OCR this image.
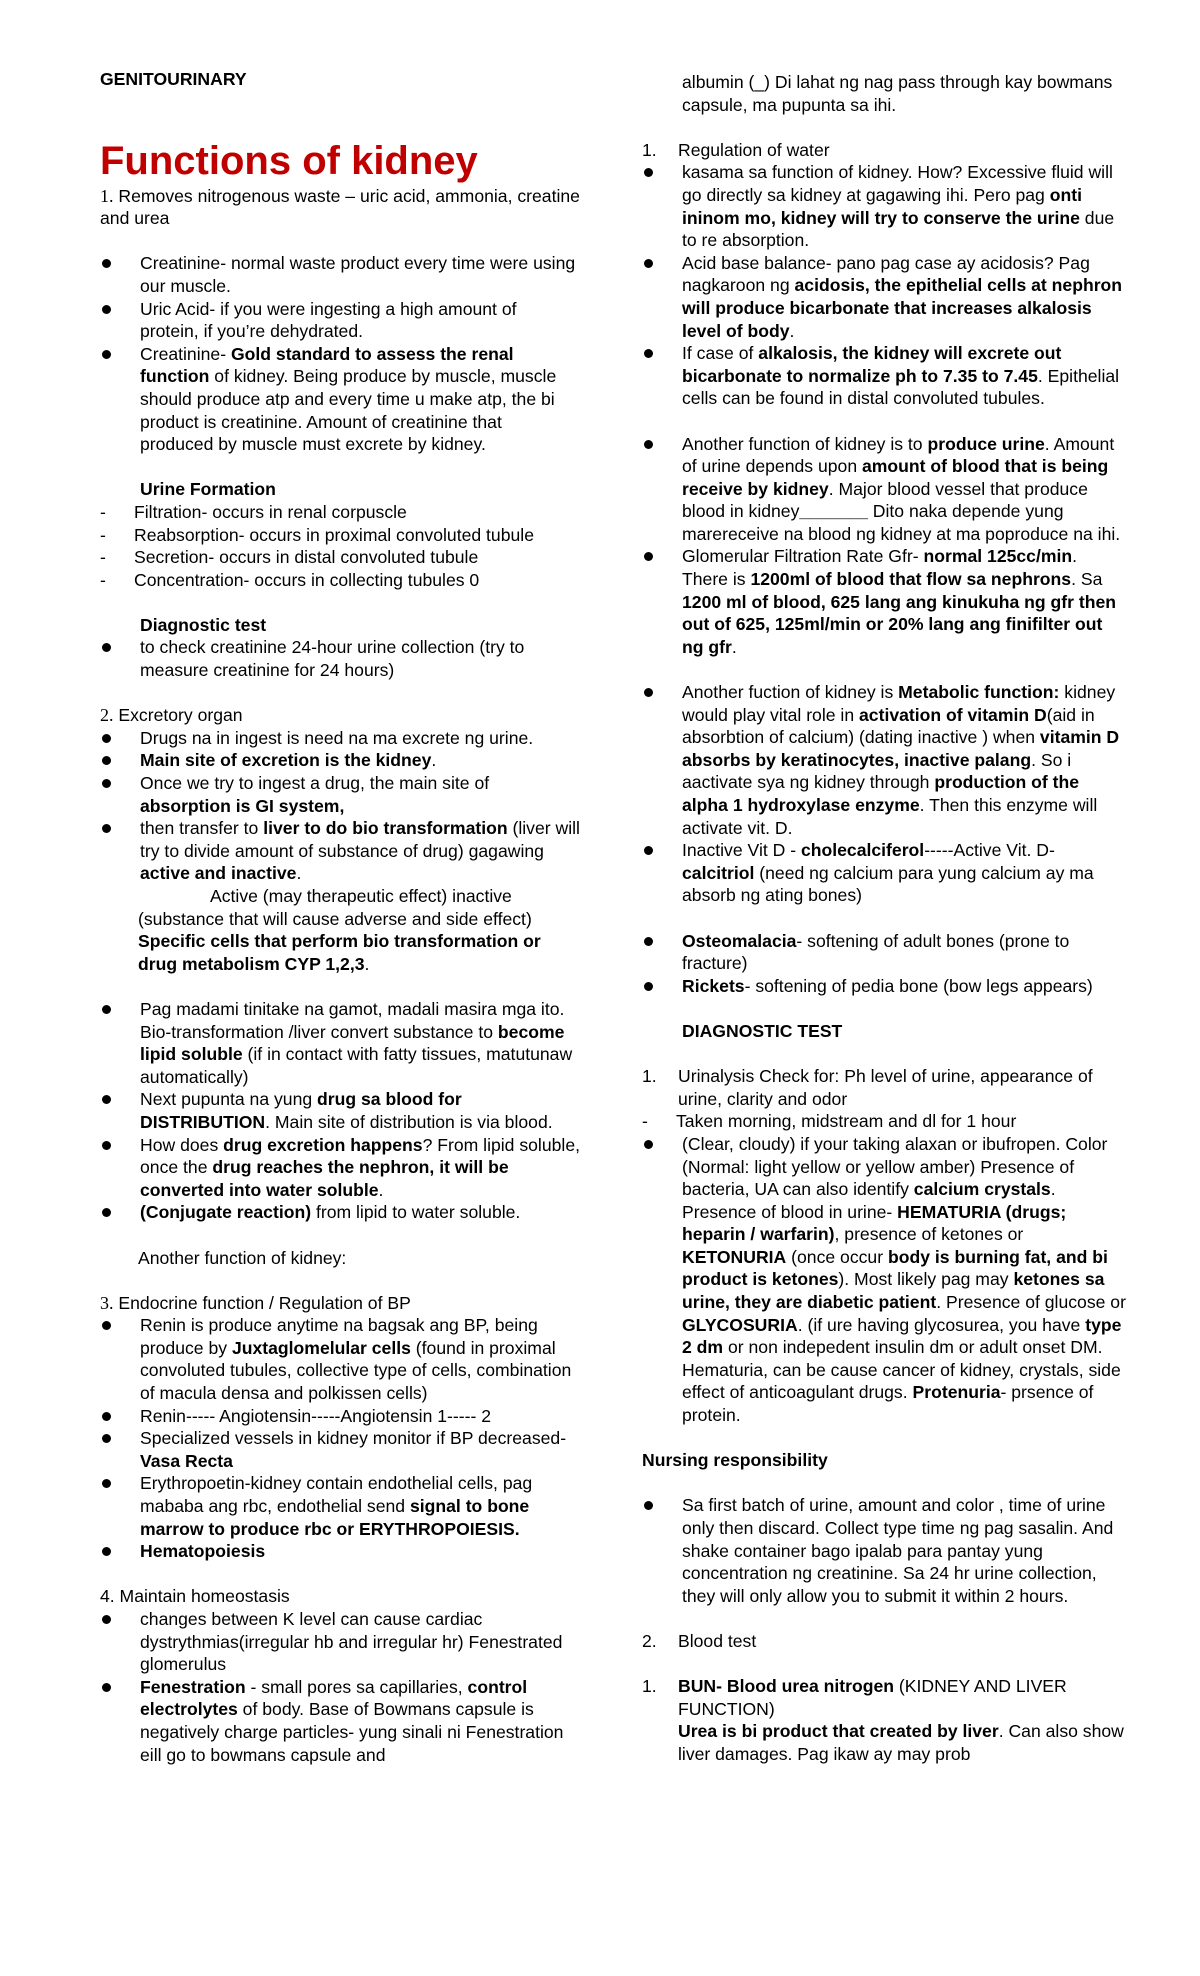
GENITOURINARY

Functions of kidney

1. Removes nitrogenous waste – uric acid, ammonia, creatine and urea

Creatinine- normal waste product every time were using our muscle.

Uric Acid- if you were ingesting a high amount of protein, if you’re dehydrated.

Creatinine- Gold standard to assess the renal function of kidney. Being produce by muscle, muscle should produce atp and every time u make atp, the bi product is creatinine. Amount of creatinine that produced by muscle must excrete by kidney.

Urine Formation

- Filtration- occurs in renal corpuscle

- Reabsorption- occurs in proximal convoluted tubule

- Secretion- occurs in distal convoluted tubule

- Concentration- occurs in collecting tubules 0

Diagnostic test

to check creatinine 24-hour urine collection (try to measure creatinine for 24 hours)

2. Excretory organ

Drugs na in ingest is need na ma excrete ng urine.

Main site of excretion is the kidney.

Once we try to ingest a drug, the main site of absorption is GI system,

then transfer to liver to do bio transformation (liver will try to divide amount of substance of drug) gagawing active and inactive.

Active (may therapeutic effect) inactive (substance that will cause adverse and side effect)

Specific cells that perform bio transformation or drug metabolism CYP 1,2,3.

Pag madami tinitake na gamot, madali masira mga ito. Bio-transformation /liver convert substance to become lipid soluble (if in contact with fatty tissues, matutunaw automatically)

Next pupunta na yung drug sa blood for DISTRIBUTION. Main site of distribution is via blood.

How does drug excretion happens? From lipid soluble, once the drug reaches the nephron, it will be converted into water soluble.

(Conjugate reaction) from lipid to water soluble.

Another function of kidney:

3. Endocrine function / Regulation of BP

Renin is produce anytime na bagsak ang BP, being produce by Juxtaglomelular cells (found in proximal convoluted tubules, collective type of cells, combination of macula densa and polkissen cells)

Renin----- Angiotensin-----Angiotensin 1----- 2

Specialized vessels in kidney monitor if BP decreased- Vasa Recta

Erythropoetin-kidney contain endothelial cells, pag mababa ang rbc, endothelial send signal to bone marrow to produce rbc or ERYTHROPOIESIS.

Hematopoiesis

4. Maintain homeostasis

changes between K level can cause cardiac dystrythmias(irregular hb and irregular hr) Fenestrated glomerulus

Fenestration - small pores sa capillaries, control electrolytes of body. Base of Bowmans capsule is negatively charge particles- yung sinali ni Fenestration eill go to bowmans capsule and

albumin (_) Di lahat ng nag pass through kay bowmans capsule, ma pupunta sa ihi.

1. Regulation of water

kasama sa function of kidney. How? Excessive fluid will go directly sa kidney at gagawing ihi. Pero pag onti ininom mo, kidney will try to conserve the urine due to re absorption.

Acid base balance- pano pag case ay acidosis? Pag nagkaroon ng acidosis, the epithelial cells at nephron will produce bicarbonate that increases alkalosis level of body.

If case of alkalosis, the kidney will excrete out bicarbonate to normalize ph to 7.35 to 7.45. Epithelial cells can be found in distal convoluted tubules.

Another function of kidney is to produce urine. Amount of urine depends upon amount of blood that is being receive by kidney. Major blood vessel that produce blood in kidney_______ Dito naka depende yung marereceive na blood ng kidney at ma poproduce na ihi.

Glomerular Filtration Rate Gfr- normal 125cc/min. There is 1200ml of blood that flow sa nephrons. Sa 1200 ml of blood, 625 lang ang kinukuha ng gfr then out of 625, 125ml/min or 20% lang ang finifilter out ng gfr.

Another fuction of kidney is Metabolic function: kidney would play vital role in activation of vitamin D(aid in absorbtion of calcium) (dating inactive ) when vitamin D absorbs by keratinocytes, inactive palang. So i aactivate sya ng kidney through production of the alpha 1 hydroxylase enzyme. Then this enzyme will activate vit. D.

Inactive Vit D - cholecalciferol-----Active Vit. D- calcitriol (need ng calcium para yung calcium ay ma absorb ng ating bones)

Osteomalacia- softening of adult bones (prone to fracture)

Rickets- softening of pedia bone (bow legs appears)

DIAGNOSTIC TEST

1. Urinalysis Check for: Ph level of urine, appearance of urine, clarity and odor

- Taken morning, midstream and dl for 1 hour

(Clear, cloudy) if your taking alaxan or ibufropen. Color (Normal: light yellow or yellow amber) Presence of bacteria, UA can also identify calcium crystals. Presence of blood in urine- HEMATURIA (drugs; heparin / warfarin), presence of ketones or KETONURIA (once occur body is burning fat, and bi product is ketones). Most likely pag may ketones sa urine, they are diabetic patient. Presence of glucose or GLYCOSURIA. (if ure having glycosurea, you have type 2 dm or non indepedent insulin dm or adult onset DM. Hematuria, can be cause cancer of kidney, crystals, side effect of anticoagulant drugs. Protenuria- prsence of protein.

Nursing responsibility

Sa first batch of urine, amount and color , time of urine only then discard. Collect type time ng pag sasalin. And shake container bago ipalab para pantay yung concentration ng creatinine. Sa 24 hr urine collection, they will only allow you to submit it within 2 hours.

2. Blood test

1. BUN- Blood urea nitrogen (KIDNEY AND LIVER FUNCTION)
Urea is bi product that created by liver. Can also show liver damages. Pag ikaw ay may prob
